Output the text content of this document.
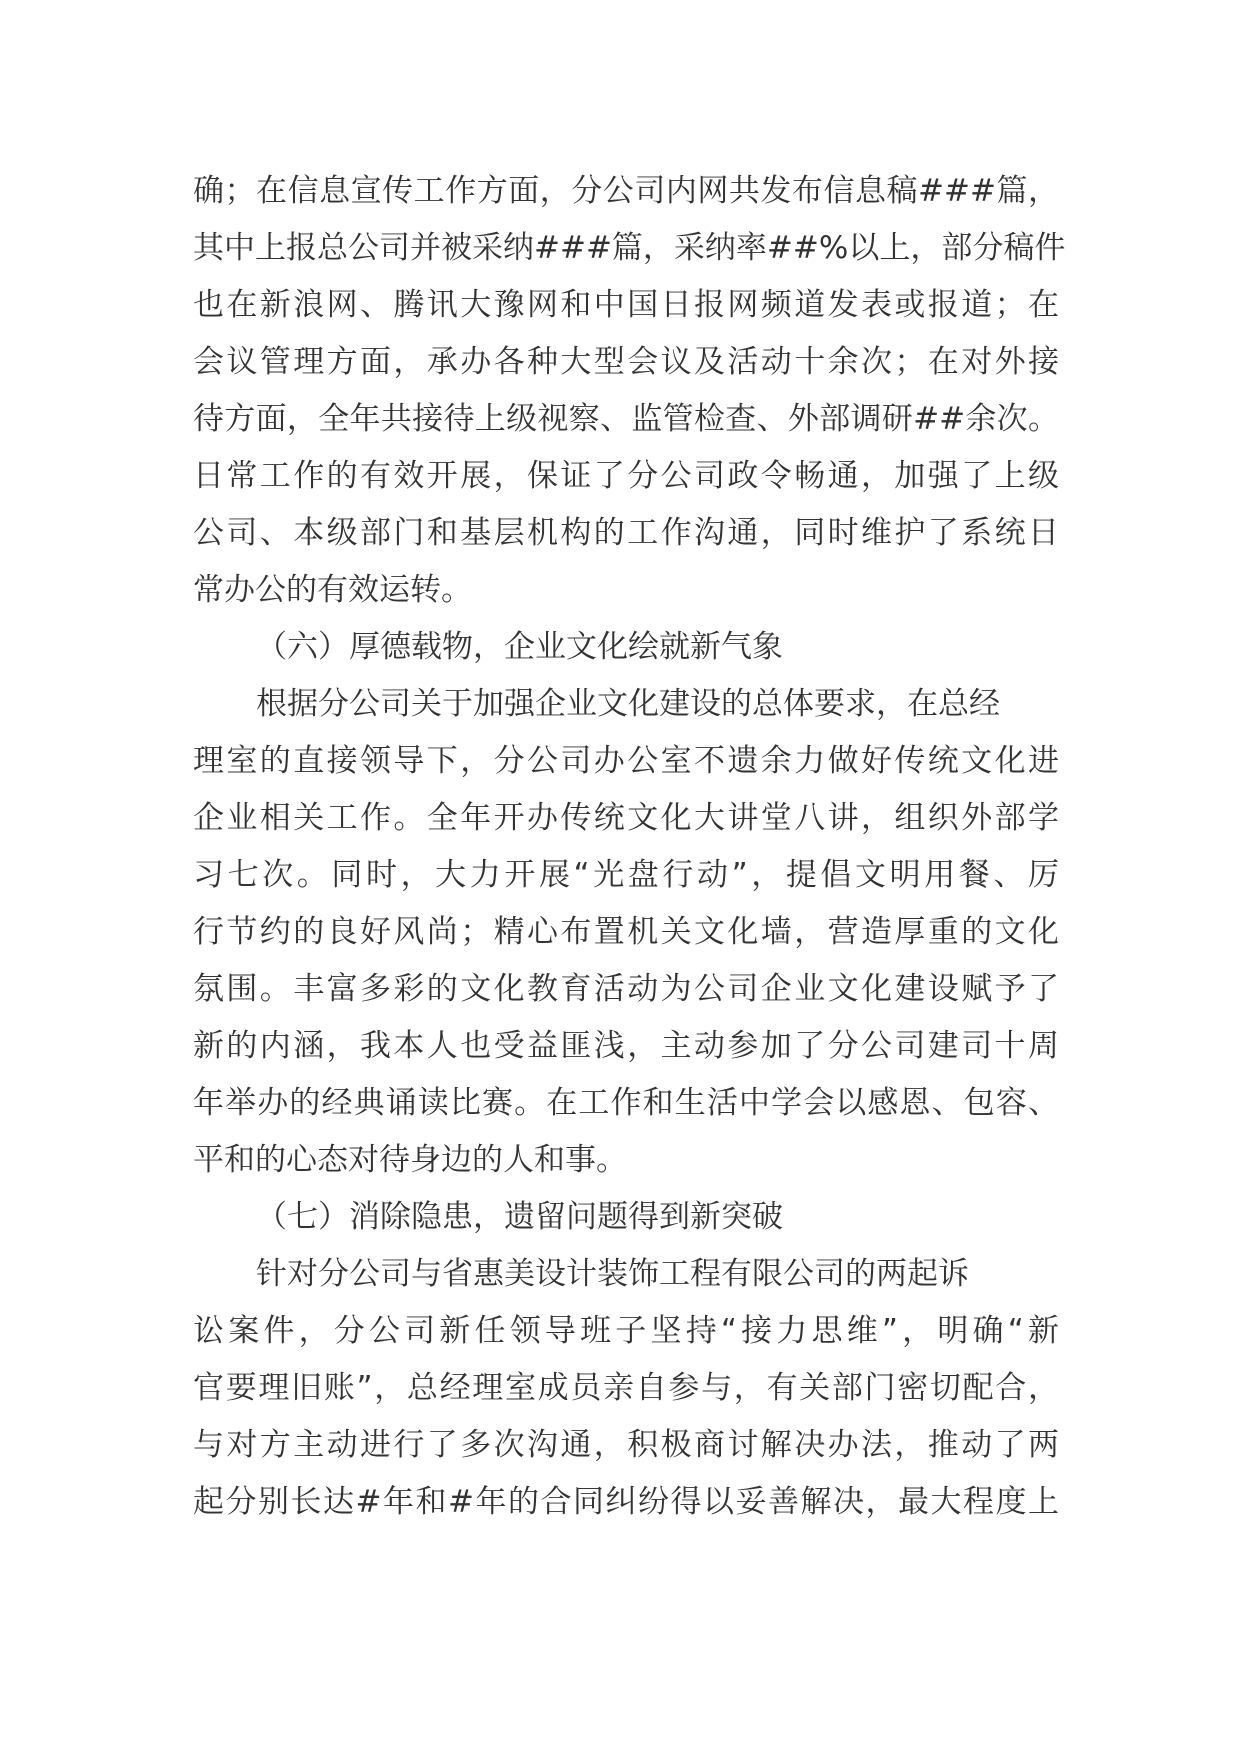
确；在信息宣传工作方面，分公司内网共发布信息稿###篇，
其中上报总公司并被采纳###篇，采纳率##%以上，部分稿件
也在新浪网、腾讯大豫网和中国日报网频道发表或报道；在
会议管理方面，承办各种大型会议及活动十余次；在对外接
待方面，全年共接待上级视察、监管检查、外部调研##余次。
日常工作的有效开展，保证了分公司政令畅通，加强了上级
公司、本级部门和基层机构的工作沟通，同时维护了系统日
常办公的有效运转。
（六）厚德载物，企业文化绘就新气象
根据分公司关于加强企业文化建设的总体要求，在总经
理室的直接领导下，分公司办公室不遗余力做好传统文化进
企业相关工作。全年开办传统文化大讲堂八讲，组织外部学
习七次。同时，大力开展“光盘行动”，提倡文明用餐、厉
行节约的良好风尚；精心布置机关文化墙，营造厚重的文化
氛围。丰富多彩的文化教育活动为公司企业文化建设赋予了
新的内涵，我本人也受益匪浅，主动参加了分公司建司十周
年举办的经典诵读比赛。在工作和生活中学会以感恩、包容、
平和的心态对待身边的人和事。
（七）消除隐患，遗留问题得到新突破
针对分公司与省惠美设计装饰工程有限公司的两起诉
讼案件，分公司新任领导班子坚持“接力思维”，明确“新
官要理旧账”，总经理室成员亲自参与，有关部门密切配合，
与对方主动进行了多次沟通，积极商讨解决办法，推动了两
起分别长达#年和#年的合同纠纷得以妥善解决，最大程度上
